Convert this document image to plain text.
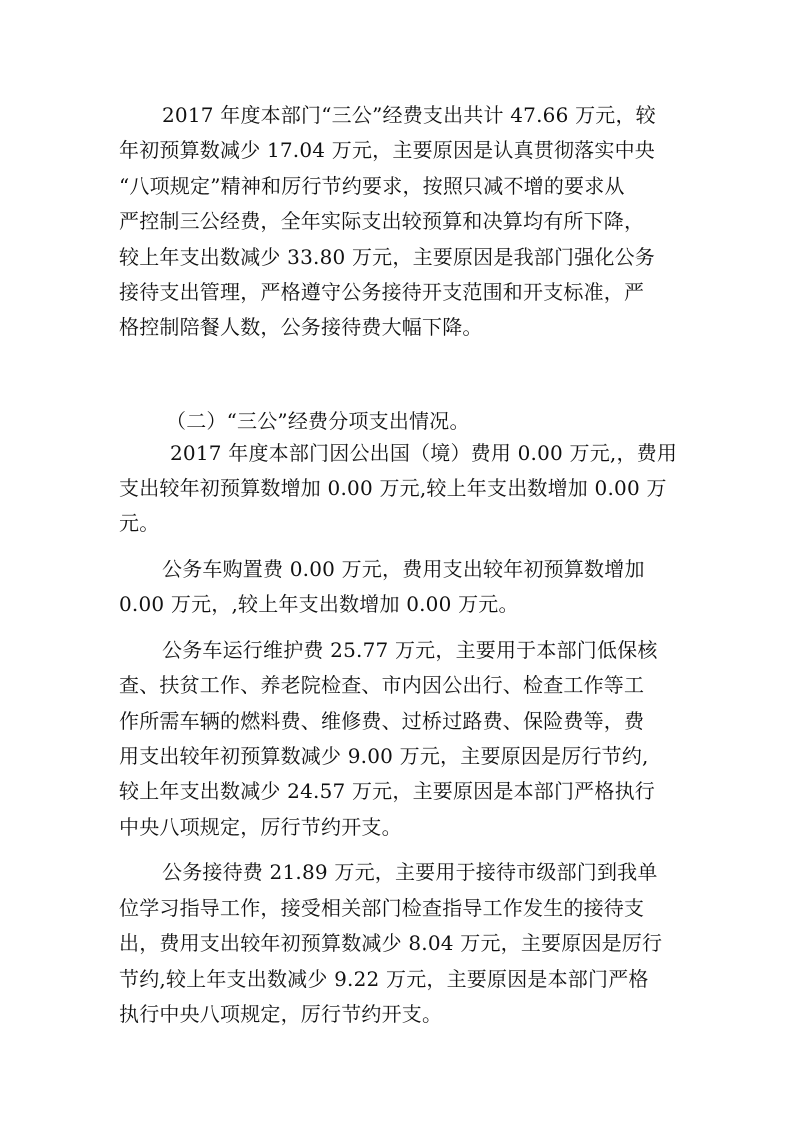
2017 年度本部门“三公”经费支出共计 47.66 万元，较
年初预算数减少 17.04 万元，主要原因是认真贯彻落实中央
“八项规定”精神和厉行节约要求，按照只减不增的要求从
严控制三公经费，全年实际支出较预算和决算均有所下降，
较上年支出数减少 33.80 万元，主要原因是我部门强化公务
接待支出管理，严格遵守公务接待开支范围和开支标准，严
格控制陪餐人数，公务接待费大幅下降。
（二）“三公”经费分项支出情况。
2017 年度本部门因公出国（境）费用 0.00 万元,，费用
支出较年初预算数增加 0.00 万元,较上年支出数增加 0.00 万
元。
公务车购置费 0.00 万元，费用支出较年初预算数增加
0.00 万元，,较上年支出数增加 0.00 万元。
公务车运行维护费 25.77 万元，主要用于本部门低保核
查、扶贫工作、养老院检查、市内因公出行、检查工作等工
作所需车辆的燃料费、维修费、过桥过路费、保险费等，费
用支出较年初预算数减少 9.00 万元，主要原因是厉行节约,
较上年支出数减少 24.57 万元，主要原因是本部门严格执行
中央八项规定，厉行节约开支。
公务接待费 21.89 万元，主要用于接待市级部门到我单
位学习指导工作，接受相关部门检查指导工作发生的接待支
出，费用支出较年初预算数减少 8.04 万元，主要原因是厉行
节约,较上年支出数减少 9.22 万元，主要原因是本部门严格
执行中央八项规定，厉行节约开支。
